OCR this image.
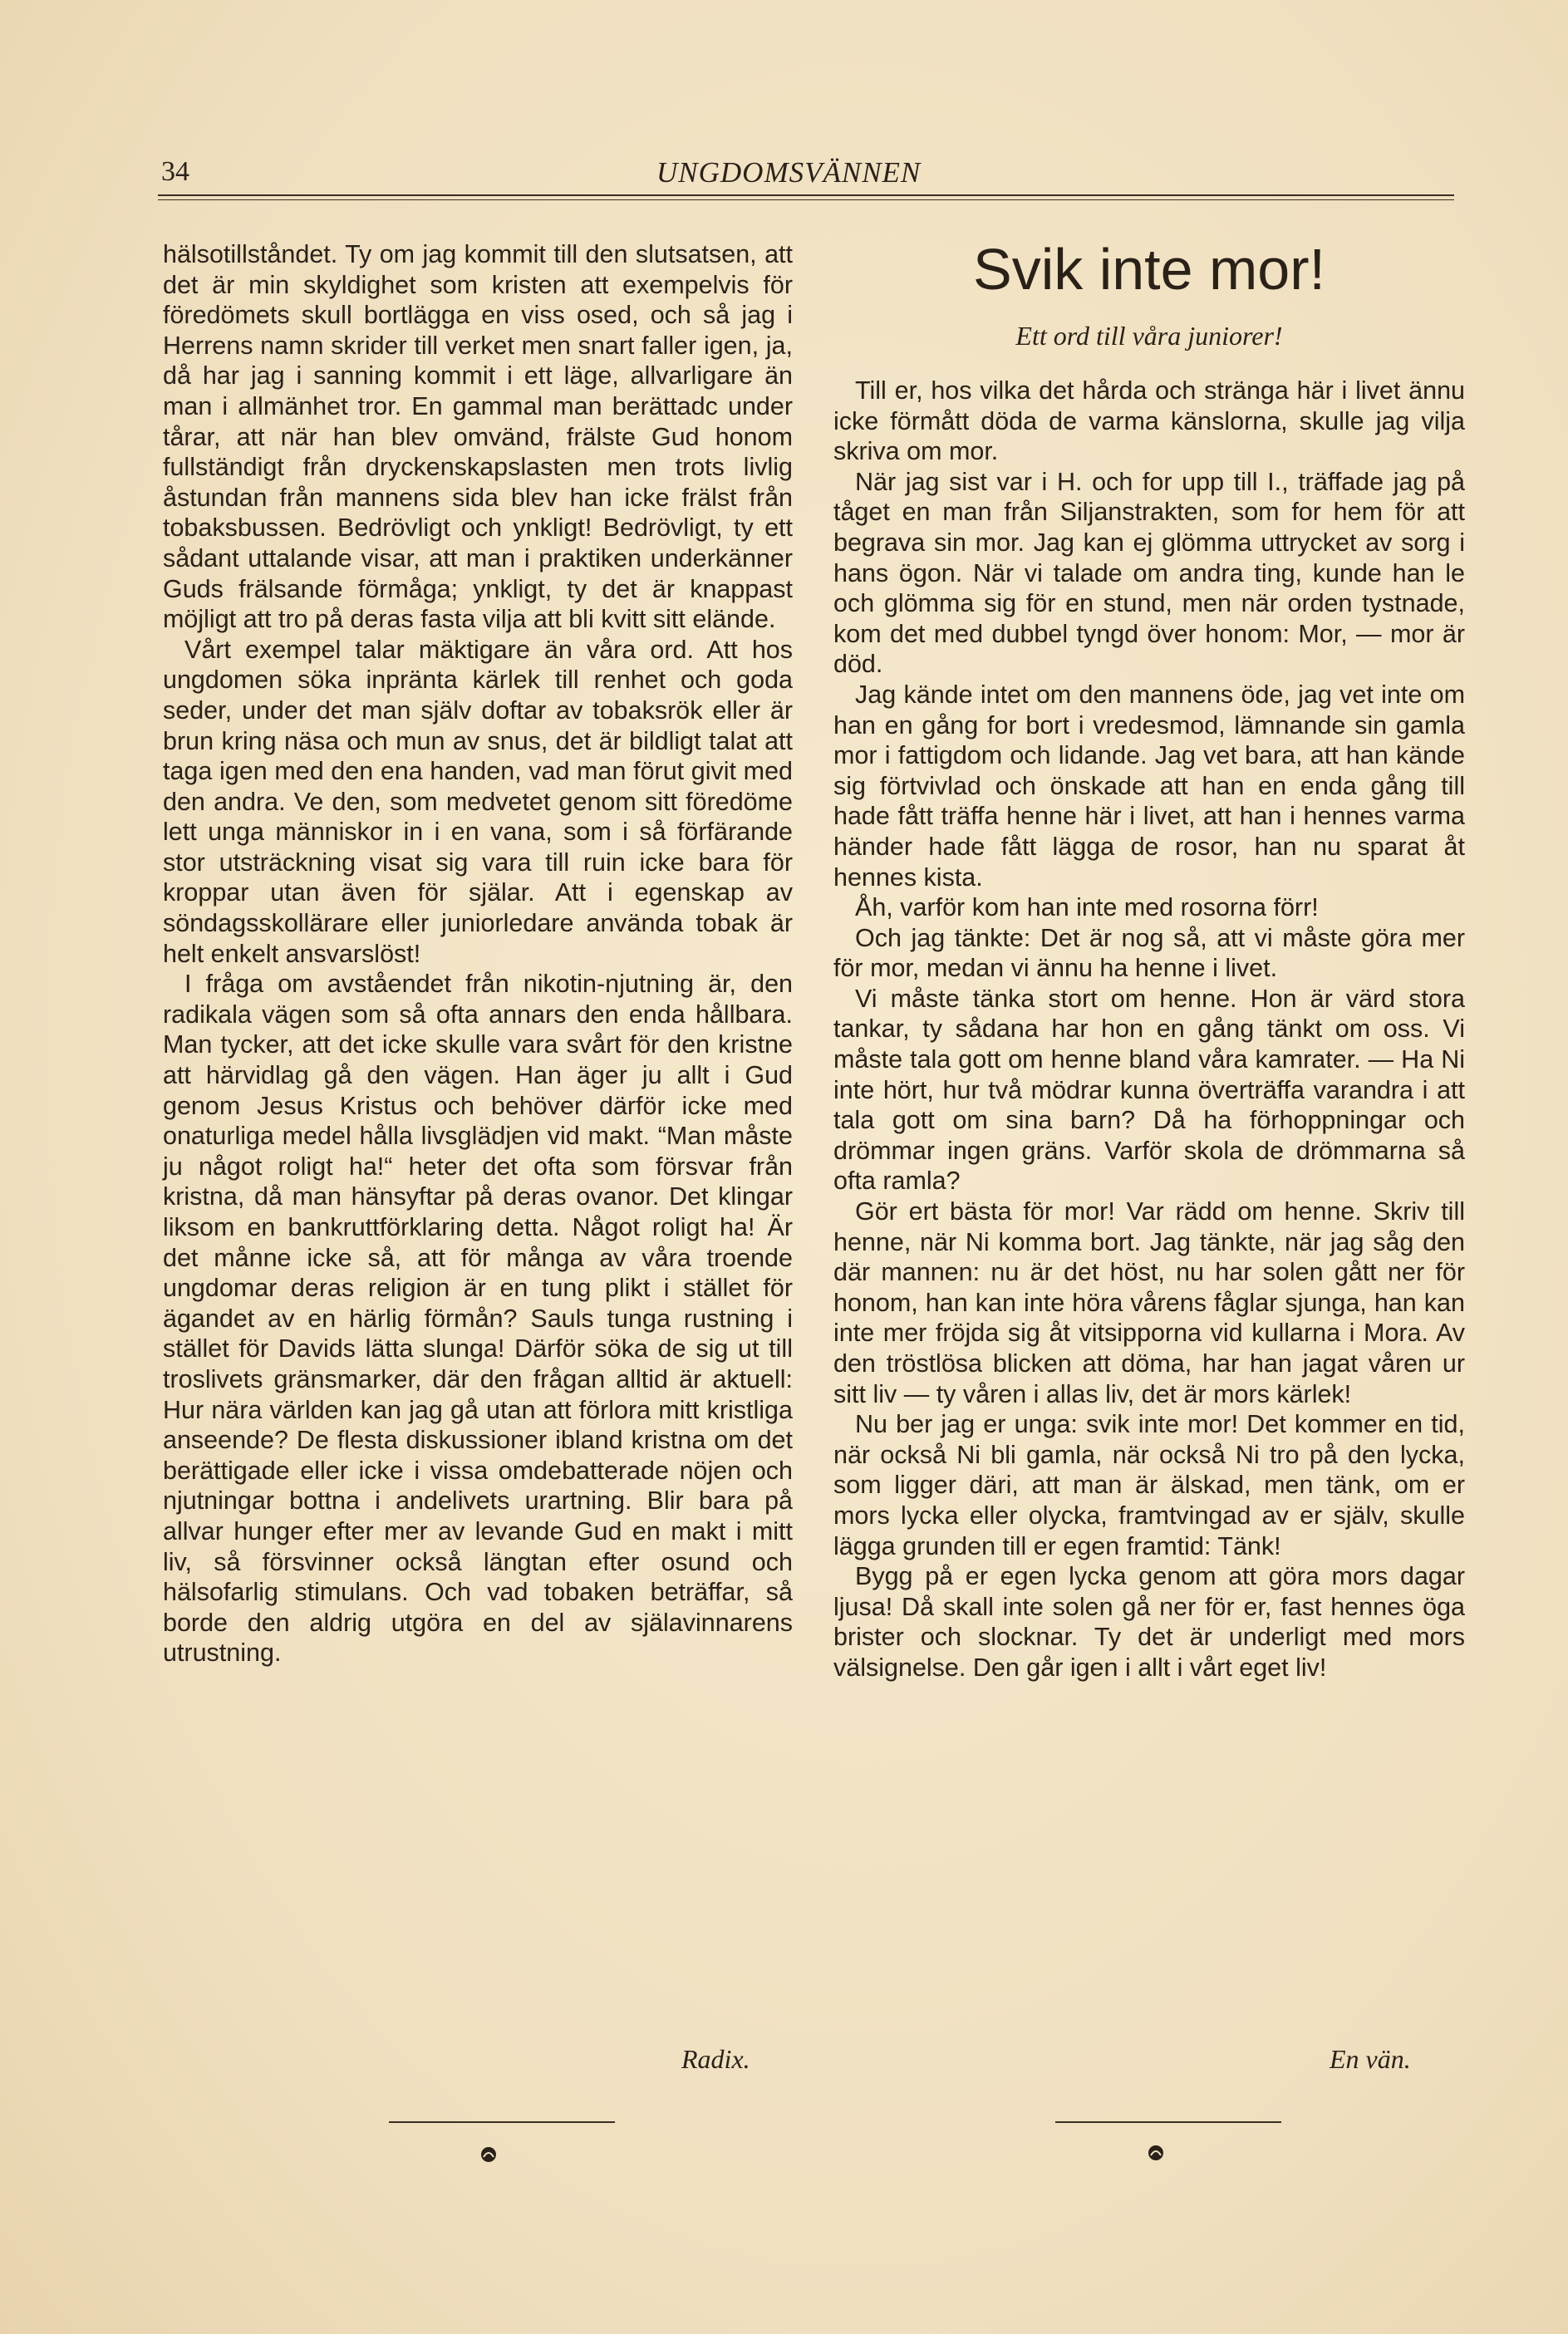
34	UNGDOMSVÄNNEN

hälsotillståndet. Ty om jag kommit till den slutsatsen, att det är min skyldighet som kristen att exempelvis för föredömets skull bortlägga en viss osed, och så jag i Herrens namn skrider till verket men snart faller igen, ja, då har jag i sanning kommit i ett läge, allvarligare än man i allmänhet tror. En gammal man berättadc under tårar, att när han blev omvänd, frälste Gud honom fullständigt från dryckenskapslasten men trots livlig åstundan från mannens sida blev han icke frälst från tobaksbussen. Bedrövligt och ynkligt! Bedrövligt, ty ett sådant uttalande visar, att man i praktiken underkänner Guds frälsande förmåga; ynkligt, ty det är knappast möjligt att tro på deras fasta vilja att bli kvitt sitt elände.

Vårt exempel talar mäktigare än våra ord. Att hos ungdomen söka inpränta kärlek till renhet och goda seder, under det man själv doftar av tobaksrök eller är brun kring näsa och mun av snus, det är bildligt talat att taga igen med den ena handen, vad man förut givit med den andra. Ve den, som medvetet genom sitt föredöme lett unga människor in i en vana, som i så förfärande stor utsträckning visat sig vara till ruin icke bara för kroppar utan även för själar. Att i egenskap av söndagsskollärare eller juniorledare använda tobak är helt enkelt ansvarslöst!

I fråga om avståendet från nikotin-njutning är, den radikala vägen som så ofta annars den enda hållbara. Man tycker, att det icke skulle vara svårt för den kristne att härvidlag gå den vägen. Han äger ju allt i Gud genom Jesus Kristus och behöver därför icke med onaturliga medel hålla livsglädjen vid makt. “Man måste ju något roligt ha!“ heter det ofta som försvar från kristna, då man hänsyftar på deras ovanor. Det klingar liksom en bankruttförklaring detta. Något roligt ha! Är det månne icke så, att för många av våra troende ungdomar deras religion är en tung plikt i stället för ägandet av en härlig förmån? Sauls tunga rustning i stället för Davids lätta slunga! Därför söka de sig ut till troslivets gränsmarker, där den frågan alltid är aktuell: Hur nära världen kan jag gå utan att förlora mitt kristliga anseende? De flesta diskussioner ibland kristna om det berättigade eller icke i vissa omdebatterade nöjen och njutningar bottna i andelivets urartning. Blir bara på allvar hunger efter mer av levande Gud en makt i mitt liv, så försvinner också längtan efter osund och hälsofarlig stimulans. Och vad tobaken beträffar, så borde den aldrig utgöra en del av själavinnarens utrustning.

Radix.
Svik inte mor!
Ett ord till våra juniorer!

Till er, hos vilka det hårda och stränga här i livet ännu icke förmått döda de varma känslorna, skulle jag vilja skriva om mor.

När jag sist var i H. och for upp till I., träffade jag på tåget en man från Siljanstrakten, som for hem för att begrava sin mor. Jag kan ej glömma uttrycket av sorg i hans ögon. När vi talade om andra ting, kunde han le och glömma sig för en stund, men när orden tystnade, kom det med dubbel tyngd över honom: Mor, — mor är död.

Jag kände intet om den mannens öde, jag vet inte om han en gång for bort i vredesmod, lämnande sin gamla mor i fattigdom och lidande. Jag vet bara, att han kände sig förtvivlad och önskade att han en enda gång till hade fått träffa henne här i livet, att han i hennes varma händer hade fått lägga de rosor, han nu sparat åt hennes kista.

Åh, varför kom han inte med rosorna förr!

Och jag tänkte: Det är nog så, att vi måste göra mer för mor, medan vi ännu ha henne i livet.

Vi måste tänka stort om henne. Hon är värd stora tankar, ty sådana har hon en gång tänkt om oss. Vi måste tala gott om henne bland våra kamrater. — Ha Ni inte hört, hur två mödrar kunna överträffa varandra i att tala gott om sina barn? Då ha förhoppningar och drömmar ingen gräns. Varför skola de drömmarna så ofta ramla?

Gör ert bästa för mor! Var rädd om henne. Skriv till henne, när Ni komma bort. Jag tänkte, när jag såg den där mannen: nu är det höst, nu har solen gått ner för honom, han kan inte höra vårens fåglar sjunga, han kan inte mer fröjda sig åt vitsipporna vid kullarna i Mora. Av den tröstlösa blicken att döma, har han jagat våren ur sitt liv — ty våren i allas liv, det är mors kärlek!

Nu ber jag er unga: svik inte mor! Det kommer en tid, när också Ni bli gamla, när också Ni tro på den lycka, som ligger däri, att man är älskad, men tänk, om er mors lycka eller olycka, framtvingad av er själv, skulle lägga grunden till er egen framtid: Tänk!

Bygg på er egen lycka genom att göra mors dagar ljusa! Då skall inte solen gå ner för er, fast hennes öga brister och slocknar. Ty det är underligt med mors välsignelse. Den går igen i allt i vårt eget liv!

En vän.
